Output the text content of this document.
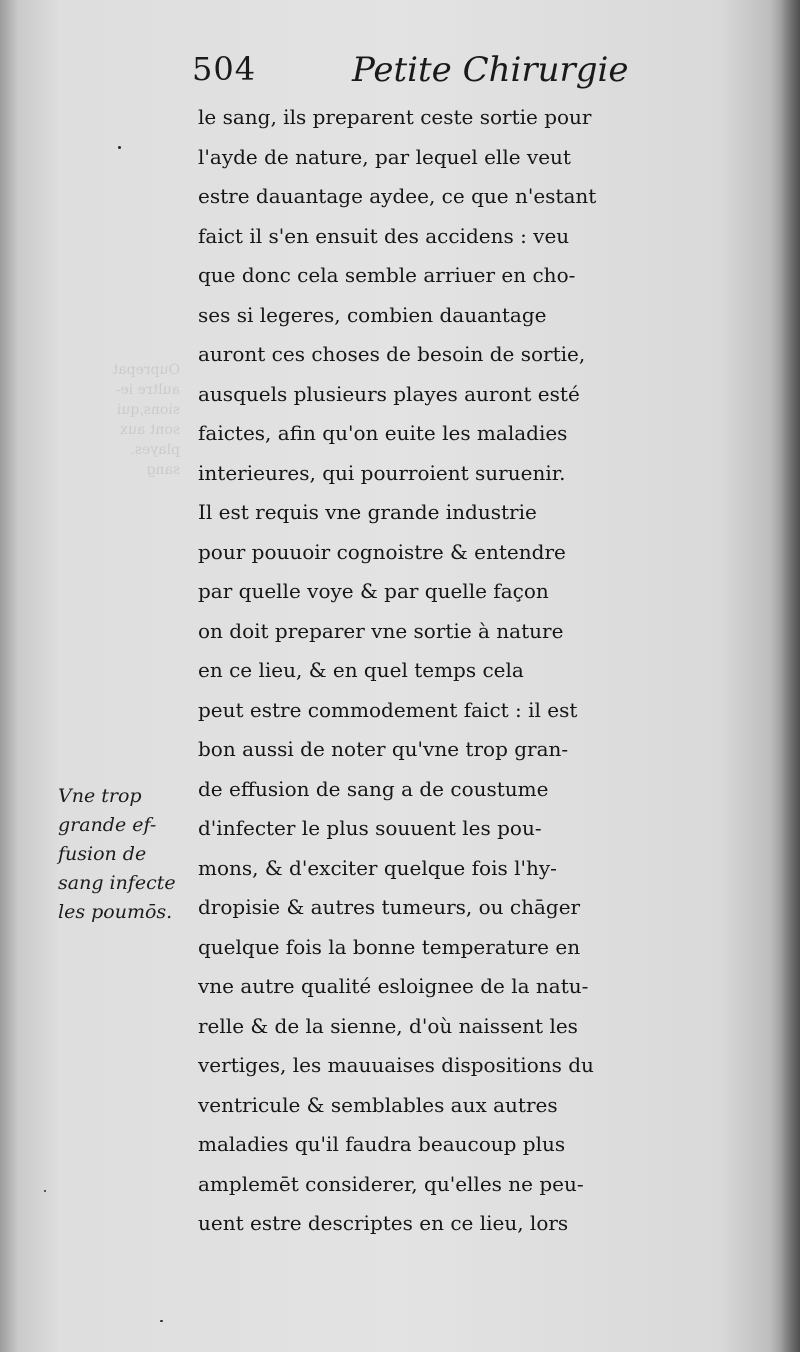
Ouprepat
aultre ie-
sions,qui
sont aux
playes.
sang
504	Petite Chirurgie
le sang, ils preparent ceste sortie pour
l'ayde de nature, par lequel elle veut
estre dauantage aydee, ce que n'estant
faict il s'en ensuit des accidens : veu
que donc cela semble arriuer en cho-
ses si legeres, combien dauantage
auront ces choses de besoin de sortie,
ausquels plusieurs playes auront esté
faictes, afin qu'on euite les maladies
interieures, qui pourroient suruenir.
Il est requis vne grande industrie
pour pouuoir cognoistre & entendre
par quelle voye & par quelle façon
on doit preparer vne sortie à nature
en ce lieu, & en quel temps cela
peut estre commodement faict : il est
bon aussi de noter qu'vne trop gran-
de effusion de sang a de coustume
d'infecter le plus souuent les pou-
mons, & d'exciter quelque fois l'hy-
dropisie & autres tumeurs, ou chāger
quelque fois la bonne temperature en
vne autre qualité esloignee de la natu-
relle & de la sienne, d'où naissent les
vertiges, les mauuaises dispositions du
ventricule & semblables aux autres
maladies qu'il faudra beaucoup plus
amplemēt considerer, qu'elles ne peu-
uent estre descriptes en ce lieu, lors
Vne trop
grande ef-
fusion de
sang infecte
les poumōs.
